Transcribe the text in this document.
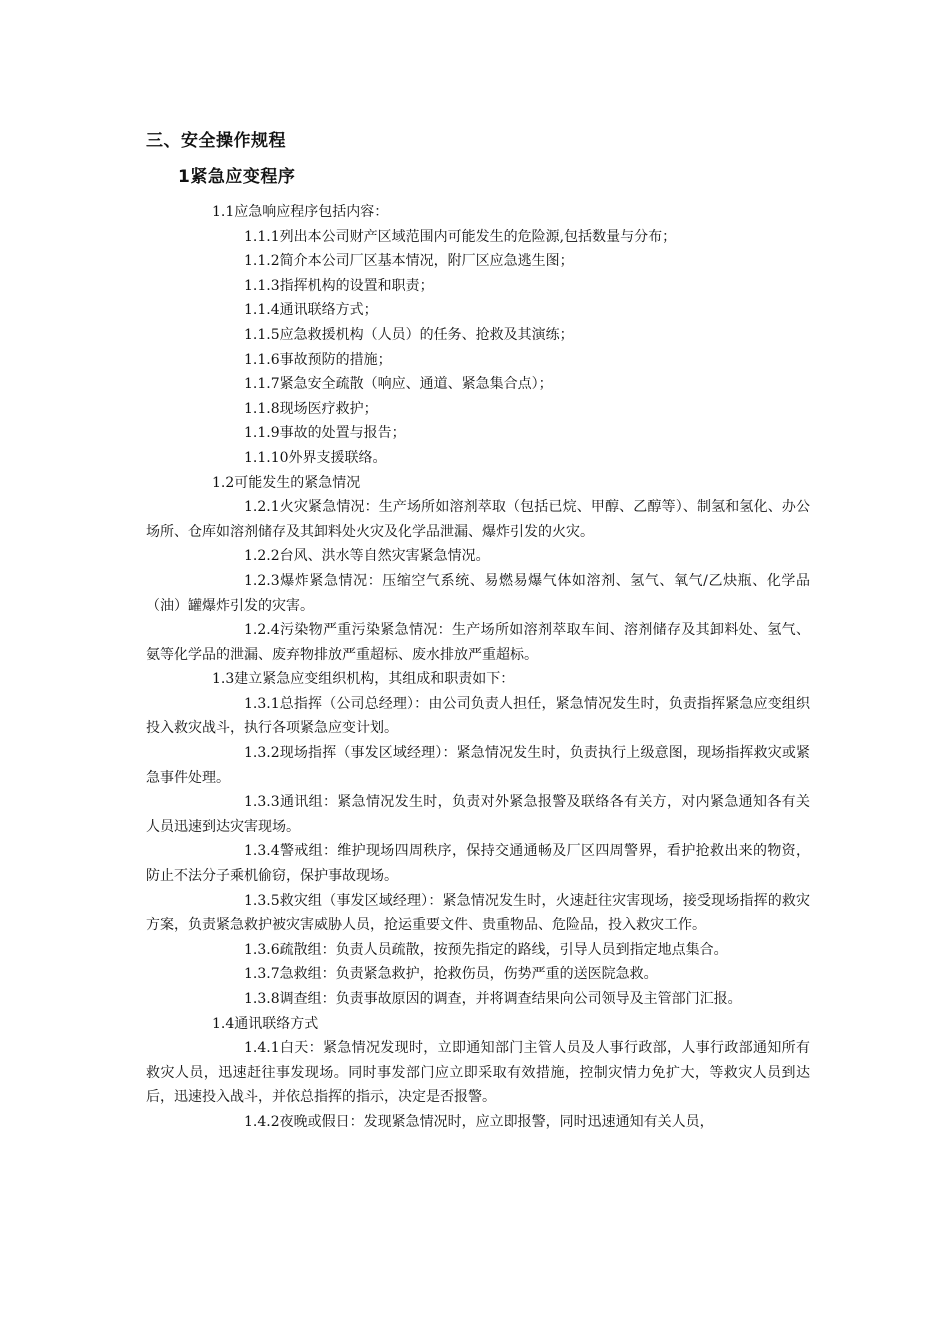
三、安全操作规程
1紧急应变程序

1.1应急响应程序包括内容：

1.1.1列出本公司财产区域范围内可能发生的危险源,包括数量与分布；

1.1.2简介本公司厂区基本情况，附厂区应急逃生图；

1.1.3指挥机构的设置和职责；

1.1.4通讯联络方式；

1.1.5应急救援机构（人员）的任务、抢救及其演练；

1.1.6事故预防的措施；

1.1.7紧急安全疏散（响应、通道、紧急集合点）；

1.1.8现场医疗救护；

1.1.9事故的处置与报告；

1.1.10外界支援联络。

1.2可能发生的紧急情况

1.2.1火灾紧急情况：生产场所如溶剂萃取（包括已烷、甲醇、乙醇等）、制氢和氢化、办公场所、仓库如溶剂储存及其卸料处火灾及化学品泄漏、爆炸引发的火灾。

1.2.2台风、洪水等自然灾害紧急情况。

1.2.3爆炸紧急情况：压缩空气系统、易燃易爆气体如溶剂、氢气、氧气/乙炔瓶、化学品（油）罐爆炸引发的灾害。

1.2.4污染物严重污染紧急情况：生产场所如溶剂萃取车间、溶剂储存及其卸料处、氢气、氨等化学品的泄漏、废弃物排放严重超标、废水排放严重超标。

1.3建立紧急应变组织机构，其组成和职责如下：

1.3.1总指挥（公司总经理）：由公司负责人担任，紧急情况发生时，负责指挥紧急应变组织投入救灾战斗，执行各项紧急应变计划。

1.3.2现场指挥（事发区域经理）：紧急情况发生时，负责执行上级意图，现场指挥救灾或紧急事件处理。

1.3.3通讯组：紧急情况发生时，负责对外紧急报警及联络各有关方，对内紧急通知各有关人员迅速到达灾害现场。

1.3.4警戒组：维护现场四周秩序，保持交通通畅及厂区四周警界，看护抢救出来的物资，防止不法分子乘机偷窃，保护事故现场。

1.3.5救灾组（事发区域经理）：紧急情况发生时，火速赶往灾害现场，接受现场指挥的救灾方案，负责紧急救护被灾害威胁人员，抢运重要文件、贵重物品、危险品，投入救灾工作。

1.3.6疏散组：负责人员疏散，按预先指定的路线，引导人员到指定地点集合。

1.3.7急救组：负责紧急救护，抢救伤员，伤势严重的送医院急救。

1.3.8调查组：负责事故原因的调查，并将调查结果向公司领导及主管部门汇报。

1.4通讯联络方式

1.4.1白天：紧急情况发现时，立即通知部门主管人员及人事行政部，人事行政部通知所有救灾人员，迅速赶往事发现场。同时事发部门应立即采取有效措施，控制灾情力免扩大，等救灾人员到达后，迅速投入战斗，并依总指挥的指示，决定是否报警。

1.4.2夜晚或假日：发现紧急情况时，应立即报警，同时迅速通知有关人员，
